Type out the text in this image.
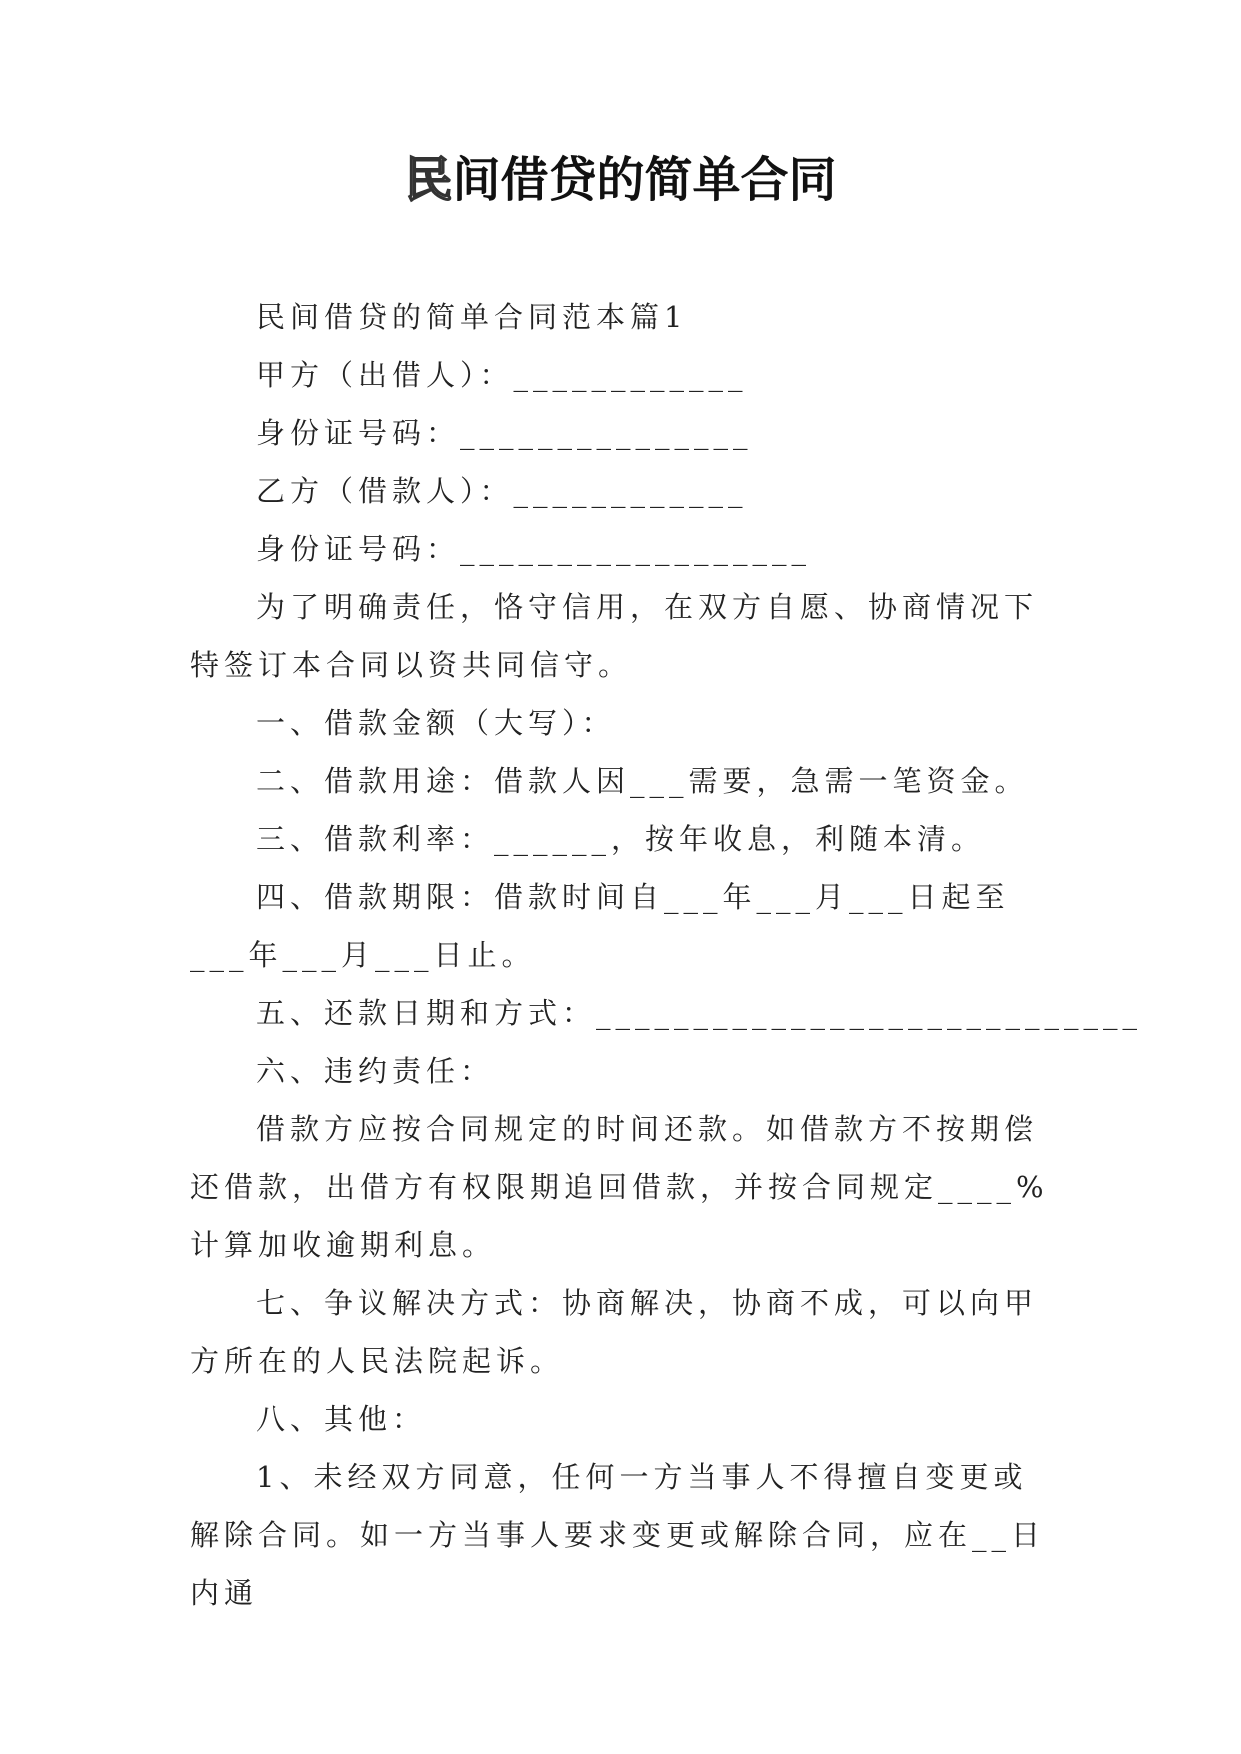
民间借贷的简单合同

民间借贷的简单合同范本篇1

甲方（出借人）：____________

身份证号码：_______________

乙方（借款人）：____________

身份证号码：__________________

为了明确责任，恪守信用，在双方自愿、协商情况下特签订本合同以资共同信守。

一、借款金额（大写）：

二、借款用途：借款人因___需要，急需一笔资金。

三、借款利率：______，按年收息，利随本清。

四、借款期限：借款时间自___年___月___日起至___年___月___日止。

五、还款日期和方式：____________________________

六、违约责任：

借款方应按合同规定的时间还款。如借款方不按期偿还借款，出借方有权限期追回借款，并按合同规定____%计算加收逾期利息。

七、争议解决方式：协商解决，协商不成，可以向甲方所在的人民法院起诉。

八、其他：

1、未经双方同意，任何一方当事人不得擅自变更或解除合同。如一方当事人要求变更或解除合同，应在__日内通
